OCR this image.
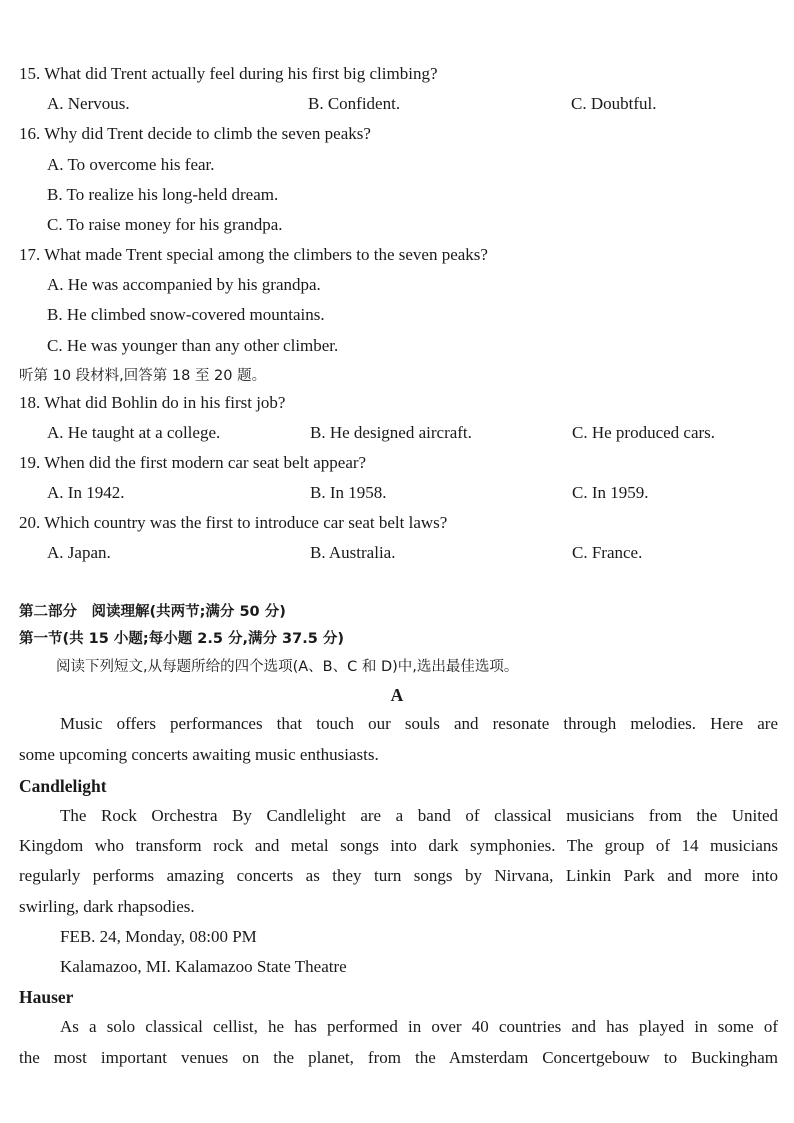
15. What did Trent actually feel during his first big climbing?
A. Nervous.	B. Confident.	C. Doubtful.
16. Why did Trent decide to climb the seven peaks?
A. To overcome his fear.
B. To realize his long-held dream.
C. To raise money for his grandpa.
17. What made Trent special among the climbers to the seven peaks?
A. He was accompanied by his grandpa.
B. He climbed snow-covered mountains.
C. He was younger than any other climber.
听第 10 段材料,回答第 18 至 20 题。
18. What did Bohlin do in his first job?
A. He taught at a college.	B. He designed aircraft.	C. He produced cars.
19. When did the first modern car seat belt appear?
A. In 1942.	B. In 1958.	C. In 1959.
20. Which country was the first to introduce car seat belt laws?
A. Japan.	B. Australia.	C. France.
第二部分　阅读理解(共两节;满分 50 分)
第一节(共 15 小题;每小题 2.5 分,满分 37.5 分)
阅读下列短文,从每题所给的四个选项(A、B、C 和 D)中,选出最佳选项。
A
Music offers performances that touch our souls and resonate through melodies. Here are
some upcoming concerts awaiting music enthusiasts.
Candlelight
The Rock Orchestra By Candlelight are a band of classical musicians from the United
Kingdom who transform rock and metal songs into dark symphonies. The group of 14 musicians
regularly performs amazing concerts as they turn songs by Nirvana, Linkin Park and more into
swirling, dark rhapsodies.
FEB. 24, Monday, 08:00 PM
Kalamazoo, MI. Kalamazoo State Theatre
Hauser
As a solo classical cellist, he has performed in over 40 countries and has played in some of
the most important venues on the planet, from the Amsterdam Concertgebouw to Buckingham
